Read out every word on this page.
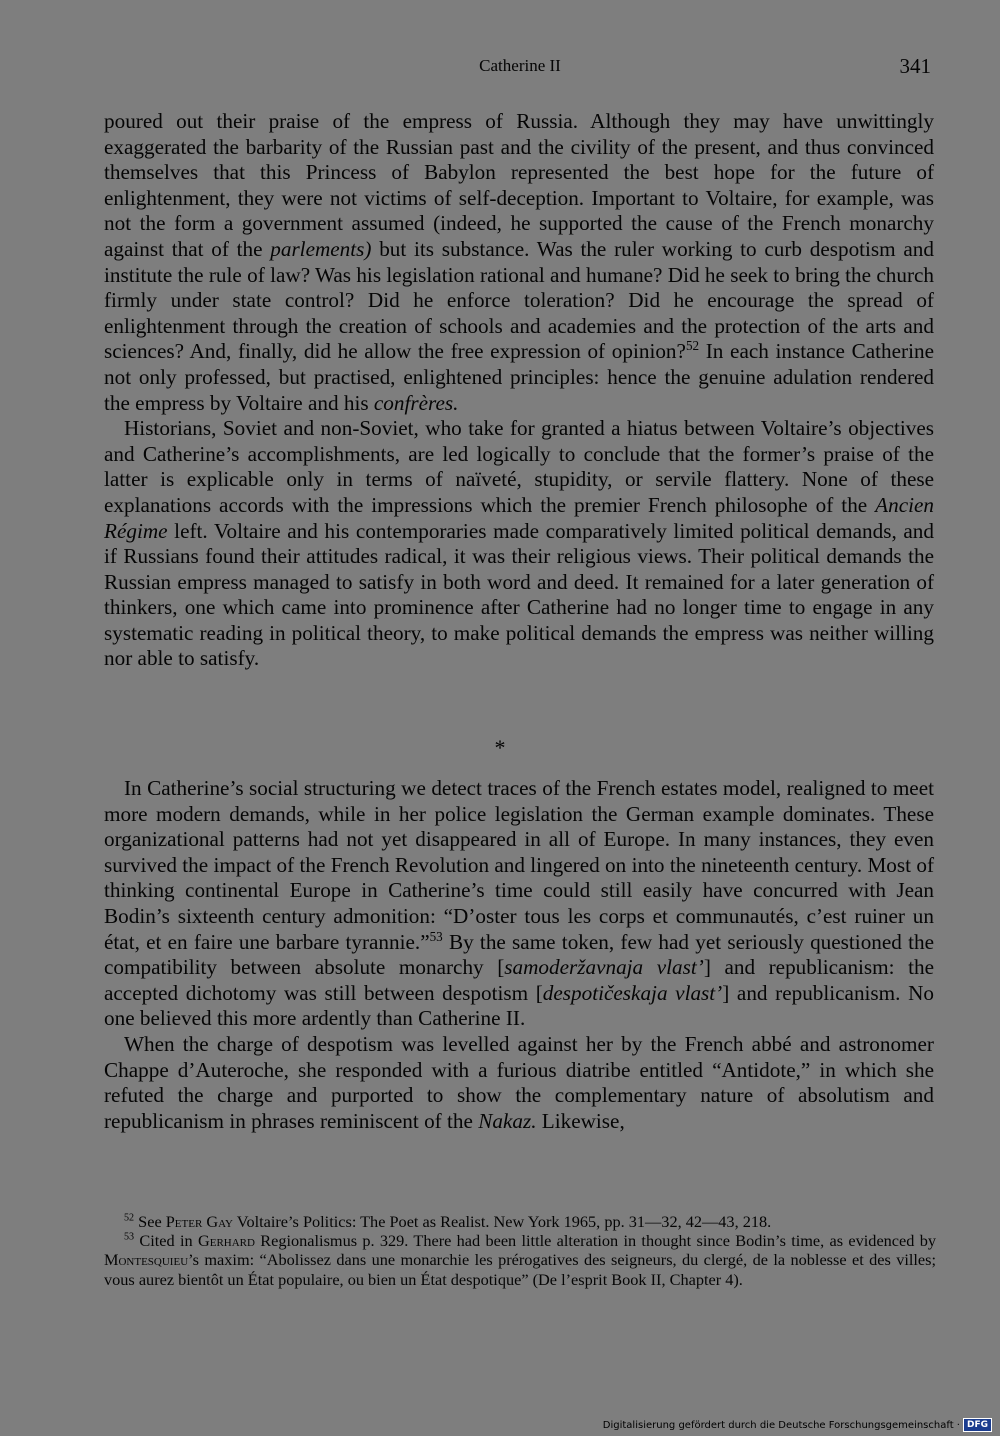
Catherine II	341

poured out their praise of the empress of Russia. Although they may have unwittingly exaggerated the barbarity of the Russian past and the civility of the present, and thus convinced themselves that this Princess of Babylon represented the best hope for the future of enlightenment, they were not victims of self-deception. Important to Voltaire, for example, was not the form a government assumed (indeed, he supported the cause of the French monarchy against that of the parlements) but its substance. Was the ruler working to curb despotism and institute the rule of law? Was his legislation rational and humane? Did he seek to bring the church firmly under state control? Did he enforce toleration? Did he encourage the spread of enlightenment through the creation of schools and academies and the protection of the arts and sciences? And, finally, did he allow the free expression of opinion?$^{52}$ In each instance Catherine not only professed, but practised, enlightened principles: hence the genuine adulation rendered the empress by Voltaire and his confrères.

Historians, Soviet and non-Soviet, who take for granted a hiatus between Voltaire’s objectives and Catherine’s accomplishments, are led logically to conclude that the former’s praise of the latter is explicable only in terms of naïveté, stupidity, or servile flattery. None of these explanations accords with the impressions which the premier French philosophe of the Ancien Régime left. Voltaire and his contemporaries made comparatively limited political demands, and if Russians found their attitudes radical, it was their religious views. Their political demands the Russian empress managed to satisfy in both word and deed. It remained for a later generation of thinkers, one which came into prominence after Catherine had no longer time to engage in any systematic reading in political theory, to make political demands the empress was neither willing nor able to satisfy.

*

In Catherine’s social structuring we detect traces of the French estates model, realigned to meet more modern demands, while in her police legislation the German example dominates. These organizational patterns had not yet disappeared in all of Europe. In many instances, they even survived the impact of the French Revolution and lingered on into the nineteenth century. Most of thinking continental Europe in Catherine’s time could still easily have concurred with Jean Bodin’s sixteenth century admonition: “D’oster tous les corps et communautés, c’est ruiner un état, et en faire une barbare tyrannie.”$^{53}$ By the same token, few had yet seriously questioned the compatibility between absolute monarchy [samoderžavnaja vlast’] and republicanism: the accepted dichotomy was still between despotism [despotičeskaja vlast’] and republicanism. No one believed this more ardently than Catherine II.

When the charge of despotism was levelled against her by the French abbé and astronomer Chappe d’Auteroche, she responded with a furious diatribe entitled “Antidote,” in which she refuted the charge and purported to show the complementary nature of absolutism and republicanism in phrases reminiscent of the Nakaz. Likewise,

$^{52}$ See Peter Gay Voltaire’s Politics: The Poet as Realist. New York 1965, pp. 31—32, 42—43, 218.

$^{53}$ Cited in Gerhard Regionalismus p. 329. There had been little alteration in thought since Bodin’s time, as evidenced by Montesquieu’s maxim: “Abolissez dans une monarchie les prérogatives des seigneurs, du clergé, de la noblesse et des villes; vous aurez bientôt un État populaire, ou bien un État despotique” (De l’esprit Book II, Chapter 4).

Digitalisierung gefördert durch die Deutsche Forschungsgemeinschaft · DFG
